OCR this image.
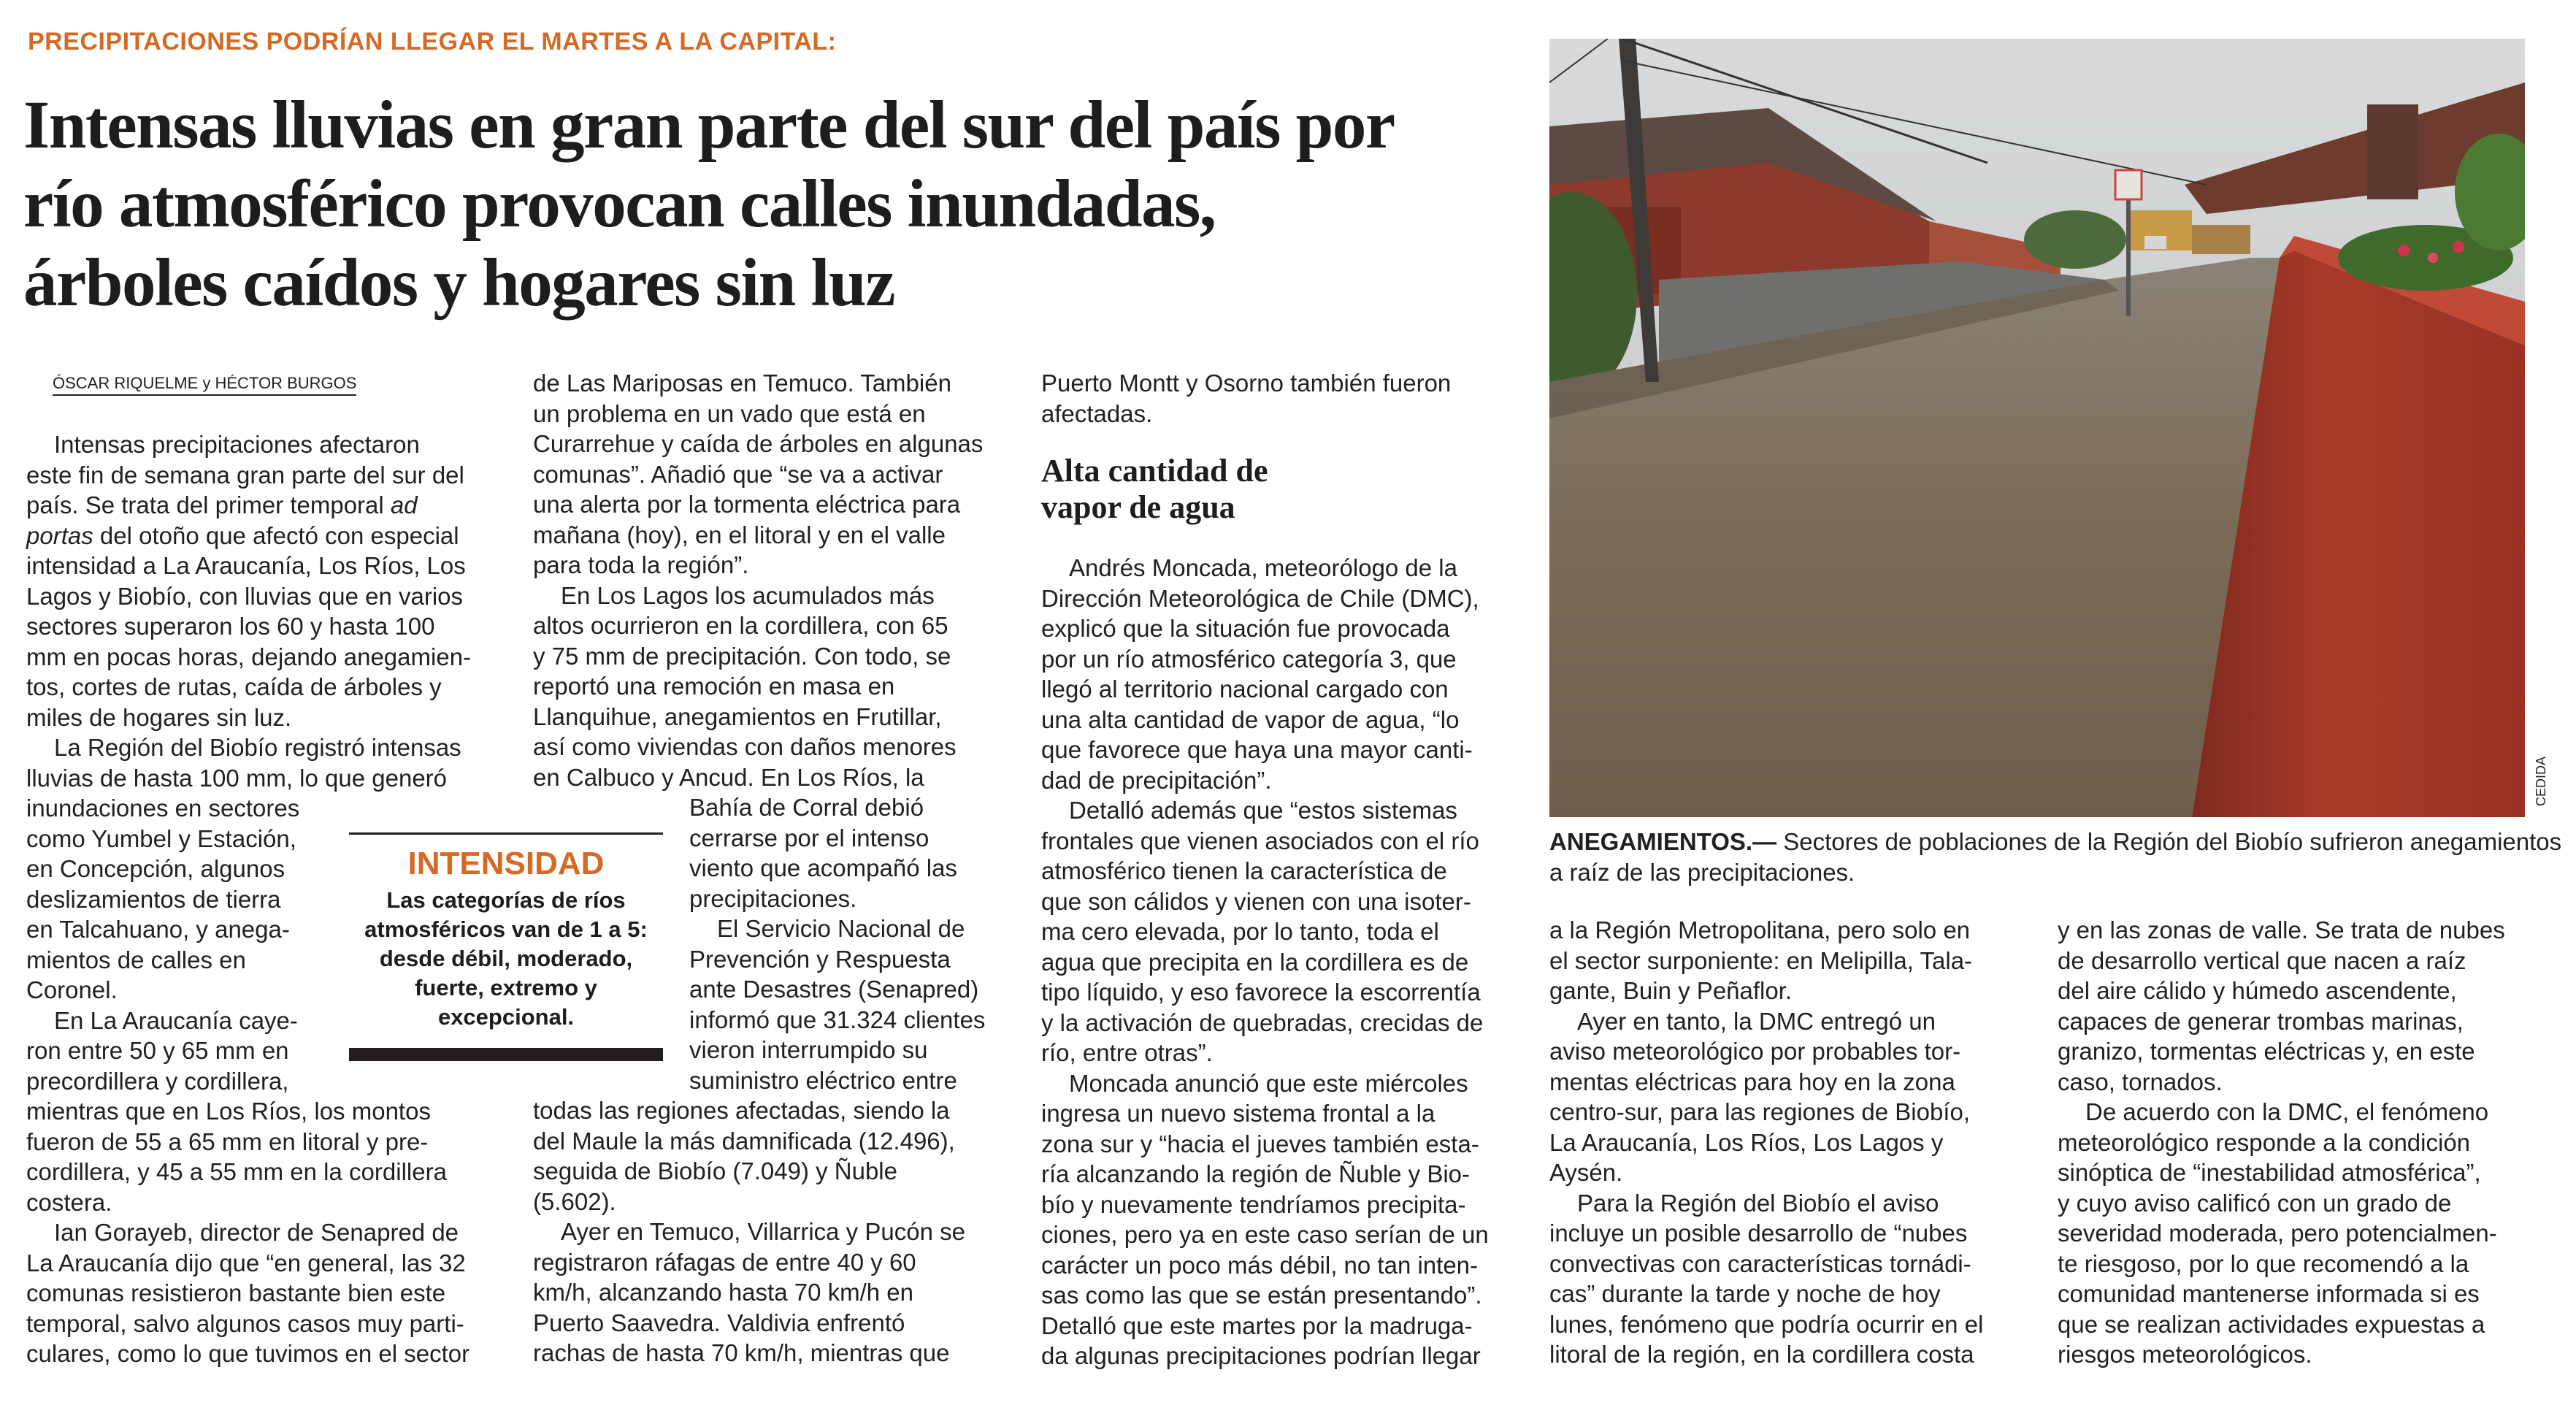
PRECIPITACIONES PODRÍAN LLEGAR EL MARTES A LA CAPITAL:
Intensas lluvias en gran parte del sur del país por
río atmosférico provocan calles inundadas,
árboles caídos y hogares sin luz
ÓSCAR RIQUELME y HÉCTOR BURGOS

Intensas precipitaciones afectaron

este fin de semana gran parte del sur del

país. Se trata del primer temporal ad

portas del otoño que afectó con especial

intensidad a La Araucanía, Los Ríos, Los

Lagos y Biobío, con lluvias que en varios

sectores superaron los 60 y hasta 100

mm en pocas horas, dejando anegamien-

tos, cortes de rutas, caída de árboles y

miles de hogares sin luz.

La Región del Biobío registró intensas

lluvias de hasta 100 mm, lo que generó

inundaciones en sectores

como Yumbel y Estación,

en Concepción, algunos

deslizamientos de tierra

en Talcahuano, y anega-

mientos de calles en

Coronel.

En La Araucanía caye-

ron entre 50 y 65 mm en

precordillera y cordillera,

mientras que en Los Ríos, los montos

fueron de 55 a 65 mm en litoral y pre-

cordillera, y 45 a 55 mm en la cordillera

costera.

Ian Gorayeb, director de Senapred de

La Araucanía dijo que “en general, las 32

comunas resistieron bastante bien este

temporal, salvo algunos casos muy parti-

culares, como lo que tuvimos en el sector

de Las Mariposas en Temuco. También

un problema en un vado que está en

Curarrehue y caída de árboles en algunas

comunas”. Añadió que “se va a activar

una alerta por la tormenta eléctrica para

mañana (hoy), en el litoral y en el valle

para toda la región”.

En Los Lagos los acumulados más

altos ocurrieron en la cordillera, con 65

y 75 mm de precipitación. Con todo, se

reportó una remoción en masa en

Llanquihue, anegamientos en Frutillar,

así como viviendas con daños menores

en Calbuco y Ancud. En Los Ríos, la

Bahía de Corral debió

cerrarse por el intenso

viento que acompañó las

precipitaciones.

El Servicio Nacional de

Prevención y Respuesta

ante Desastres (Senapred)

informó que 31.324 clientes

vieron interrumpido su

suministro eléctrico entre

todas las regiones afectadas, siendo la

del Maule la más damnificada (12.496),

seguida de Biobío (7.049) y Ñuble

(5.602).

Ayer en Temuco, Villarrica y Pucón se

registraron ráfagas de entre 40 y 60

km/h, alcanzando hasta 70 km/h en

Puerto Saavedra. Valdivia enfrentó

rachas de hasta 70 km/h, mientras que

INTENSIDAD
Las categorías de ríos
atmosféricos van de 1 a 5:
desde débil, moderado,
fuerte, extremo y
excepcional.

Puerto Montt y Osorno también fueron

afectadas.

Alta cantidad de
vapor de agua

Andrés Moncada, meteorólogo de la

Dirección Meteorológica de Chile (DMC),

explicó que la situación fue provocada

por un río atmosférico categoría 3, que

llegó al territorio nacional cargado con

una alta cantidad de vapor de agua, “lo

que favorece que haya una mayor canti-

dad de precipitación”.

Detalló además que “estos sistemas

frontales que vienen asociados con el río

atmosférico tienen la característica de

que son cálidos y vienen con una isoter-

ma cero elevada, por lo tanto, toda el

agua que precipita en la cordillera es de

tipo líquido, y eso favorece la escorrentía

y la activación de quebradas, crecidas de

río, entre otras”.

Moncada anunció que este miércoles

ingresa un nuevo sistema frontal a la

zona sur y “hacia el jueves también esta-

ría alcanzando la región de Ñuble y Bio-

bío y nuevamente tendríamos precipita-

ciones, pero ya en este caso serían de un

carácter un poco más débil, no tan inten-

sas como las que se están presentando”.

Detalló que este martes por la madruga-

da algunas precipitaciones podrían llegar

CEDIDA
ANEGAMIENTOS.— Sectores de poblaciones de la Región del Biobío sufrieron anegamientos
a raíz de las precipitaciones.

a la Región Metropolitana, pero solo en

el sector surponiente: en Melipilla, Tala-

gante, Buin y Peñaflor.

Ayer en tanto, la DMC entregó un

aviso meteorológico por probables tor-

mentas eléctricas para hoy en la zona

centro-sur, para las regiones de Biobío,

La Araucanía, Los Ríos, Los Lagos y

Aysén.

Para la Región del Biobío el aviso

incluye un posible desarrollo de “nubes

convectivas con características tornádi-

cas” durante la tarde y noche de hoy

lunes, fenómeno que podría ocurrir en el

litoral de la región, en la cordillera costa

y en las zonas de valle. Se trata de nubes

de desarrollo vertical que nacen a raíz

del aire cálido y húmedo ascendente,

capaces de generar trombas marinas,

granizo, tormentas eléctricas y, en este

caso, tornados.

De acuerdo con la DMC, el fenómeno

meteorológico responde a la condición

sinóptica de “inestabilidad atmosférica”,

y cuyo aviso calificó con un grado de

severidad moderada, pero potencialmen-

te riesgoso, por lo que recomendó a la

comunidad mantenerse informada si es

que se realizan actividades expuestas a

riesgos meteorológicos.
